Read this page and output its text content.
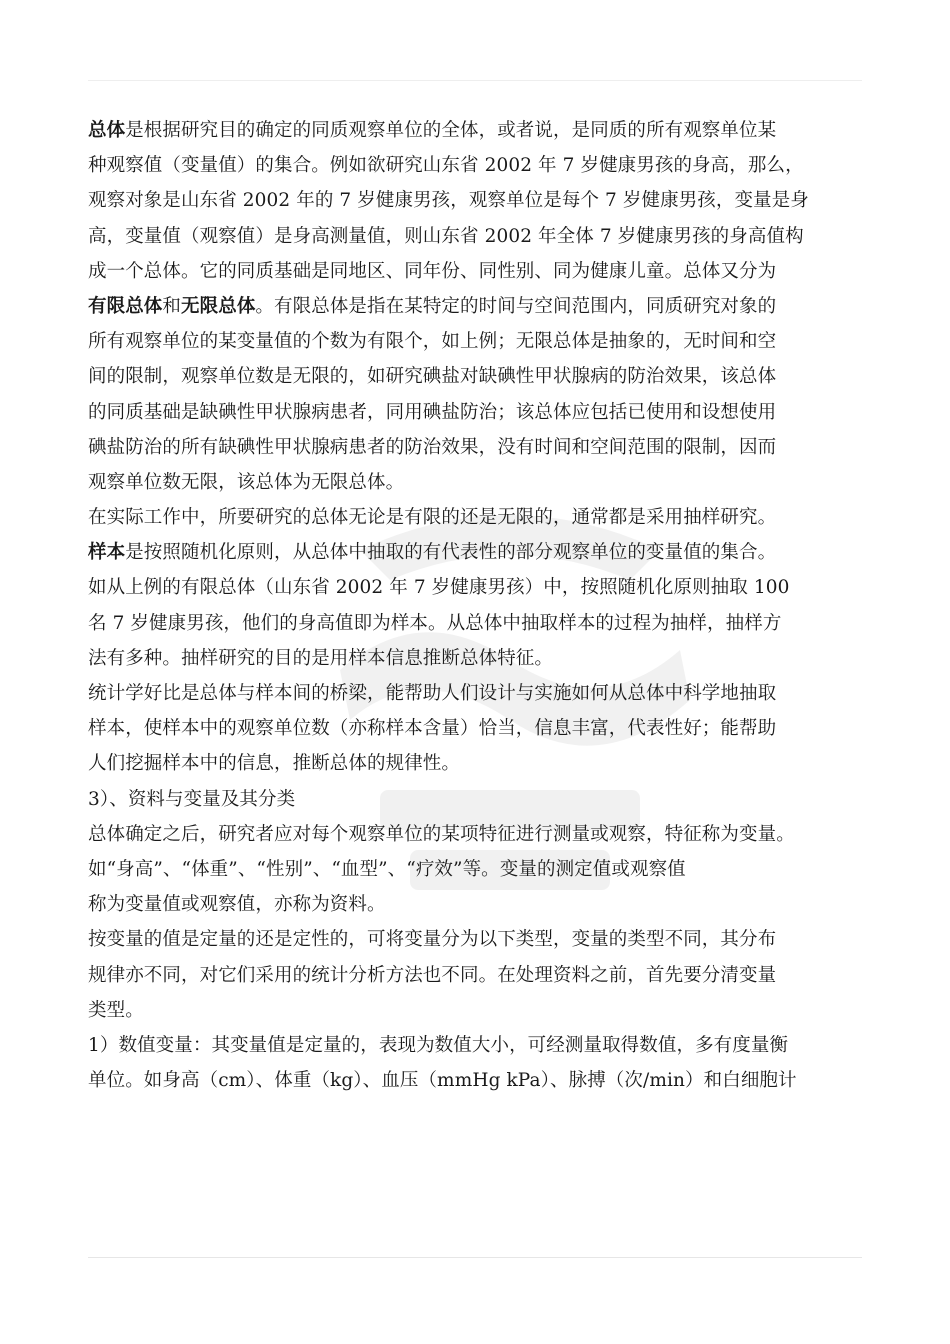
总体是根据研究目的确定的同质观察单位的全体，或者说，是同质的所有观察单位某
种观察值（变量值）的集合。例如欲研究山东省 2002 年 7 岁健康男孩的身高，那么，
观察对象是山东省 2002 年的 7 岁健康男孩，观察单位是每个 7 岁健康男孩，变量是身
高，变量值（观察值）是身高测量值，则山东省 2002 年全体 7 岁健康男孩的身高值构
成一个总体。它的同质基础是同地区、同年份、同性别、同为健康儿童。总体又分为
有限总体和无限总体。有限总体是指在某特定的时间与空间范围内，同质研究对象的
所有观察单位的某变量值的个数为有限个，如上例；无限总体是抽象的，无时间和空
间的限制，观察单位数是无限的，如研究碘盐对缺碘性甲状腺病的防治效果，该总体
的同质基础是缺碘性甲状腺病患者，同用碘盐防治；该总体应包括已使用和设想使用
碘盐防治的所有缺碘性甲状腺病患者的防治效果，没有时间和空间范围的限制，因而
观察单位数无限，该总体为无限总体。
在实际工作中，所要研究的总体无论是有限的还是无限的，通常都是采用抽样研究。
样本是按照随机化原则，从总体中抽取的有代表性的部分观察单位的变量值的集合。
如从上例的有限总体（山东省 2002 年 7 岁健康男孩）中，按照随机化原则抽取 100
名 7 岁健康男孩，他们的身高值即为样本。从总体中抽取样本的过程为抽样，抽样方
法有多种。抽样研究的目的是用样本信息推断总体特征。
统计学好比是总体与样本间的桥梁，能帮助人们设计与实施如何从总体中科学地抽取
样本，使样本中的观察单位数（亦称样本含量）恰当，信息丰富，代表性好；能帮助
人们挖掘样本中的信息，推断总体的规律性。
3）、资料与变量及其分类
总体确定之后，研究者应对每个观察单位的某项特征进行测量或观察，特征称为变量。
如“身高”、“体重”、“性别”、“血型”、“疗效”等。变量的测定值或观察值
称为变量值或观察值，亦称为资料。
按变量的值是定量的还是定性的，可将变量分为以下类型，变量的类型不同，其分布
规律亦不同，对它们采用的统计分析方法也不同。在处理资料之前，首先要分清变量
类型。
1）数值变量：其变量值是定量的，表现为数值大小，可经测量取得数值，多有度量衡
单位。如身高（cm）、体重（kg）、血压（mmHg kPa）、脉搏（次/min）和白细胞计
